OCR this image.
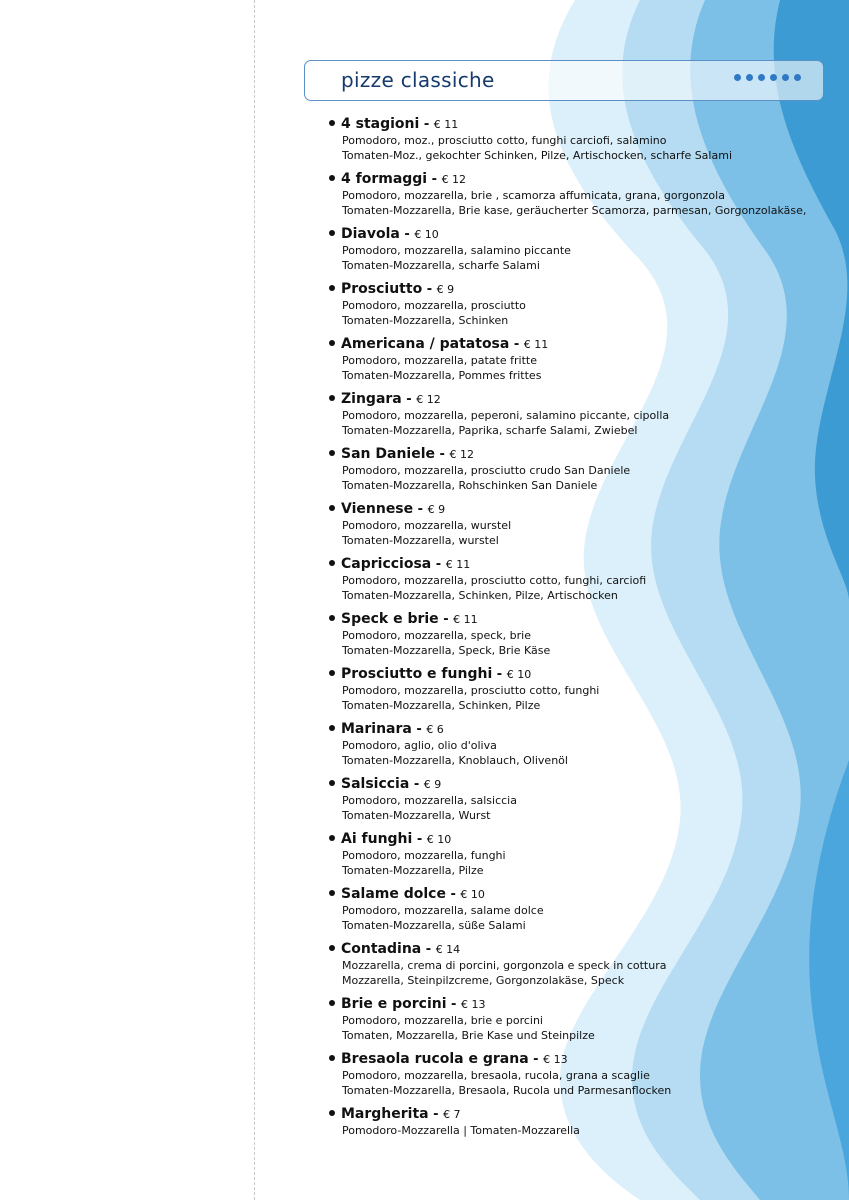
pizze classiche
4 stagioni - € 11
Pomodoro, moz., prosciutto cotto, funghi carciofi, salamino
Tomaten-Moz., gekochter Schinken, Pilze, Artischocken, scharfe Salami
4 formaggi - € 12
Pomodoro, mozzarella, brie , scamorza affumicata, grana, gorgonzola
Tomaten-Mozzarella, Brie kase, geräucherter Scamorza, parmesan, Gorgonzolakäse,
Diavola - € 10
Pomodoro, mozzarella, salamino piccante
Tomaten-Mozzarella, scharfe Salami
Prosciutto - € 9
Pomodoro, mozzarella, prosciutto
Tomaten-Mozzarella, Schinken
Americana / patatosa - € 11
Pomodoro, mozzarella, patate fritte
Tomaten-Mozzarella, Pommes frittes
Zingara - € 12
Pomodoro, mozzarella, peperoni, salamino piccante, cipolla
Tomaten-Mozzarella, Paprika, scharfe Salami, Zwiebel
San Daniele - € 12
Pomodoro, mozzarella, prosciutto crudo San Daniele
Tomaten-Mozzarella, Rohschinken San Daniele
Viennese - € 9
Pomodoro, mozzarella, wurstel
Tomaten-Mozzarella, wurstel
Capricciosa - € 11
Pomodoro, mozzarella, prosciutto cotto, funghi, carciofi
Tomaten-Mozzarella, Schinken, Pilze, Artischocken
Speck e brie - € 11
Pomodoro, mozzarella, speck, brie
Tomaten-Mozzarella, Speck, Brie Käse
Prosciutto e funghi - € 10
Pomodoro, mozzarella, prosciutto cotto, funghi
Tomaten-Mozzarella, Schinken, Pilze
Marinara - € 6
Pomodoro, aglio, olio d'oliva
Tomaten-Mozzarella, Knoblauch, Olivenöl
Salsiccia - € 9
Pomodoro, mozzarella, salsiccia
Tomaten-Mozzarella, Wurst
Ai funghi - € 10
Pomodoro, mozzarella, funghi
Tomaten-Mozzarella, Pilze
Salame dolce - € 10
Pomodoro, mozzarella, salame dolce
Tomaten-Mozzarella, süße Salami
Contadina - € 14
Mozzarella, crema di porcini, gorgonzola e speck in cottura
Mozzarella, Steinpilzcreme, Gorgonzolakäse, Speck
Brie e porcini - € 13
Pomodoro, mozzarella, brie e porcini
Tomaten, Mozzarella, Brie Kase und Steinpilze
Bresaola rucola e grana - € 13
Pomodoro, mozzarella, bresaola, rucola, grana a scaglie
Tomaten-Mozzarella, Bresaola, Rucola und Parmesanflocken
Margherita - € 7
Pomodoro-Mozzarella | Tomaten-Mozzarella
